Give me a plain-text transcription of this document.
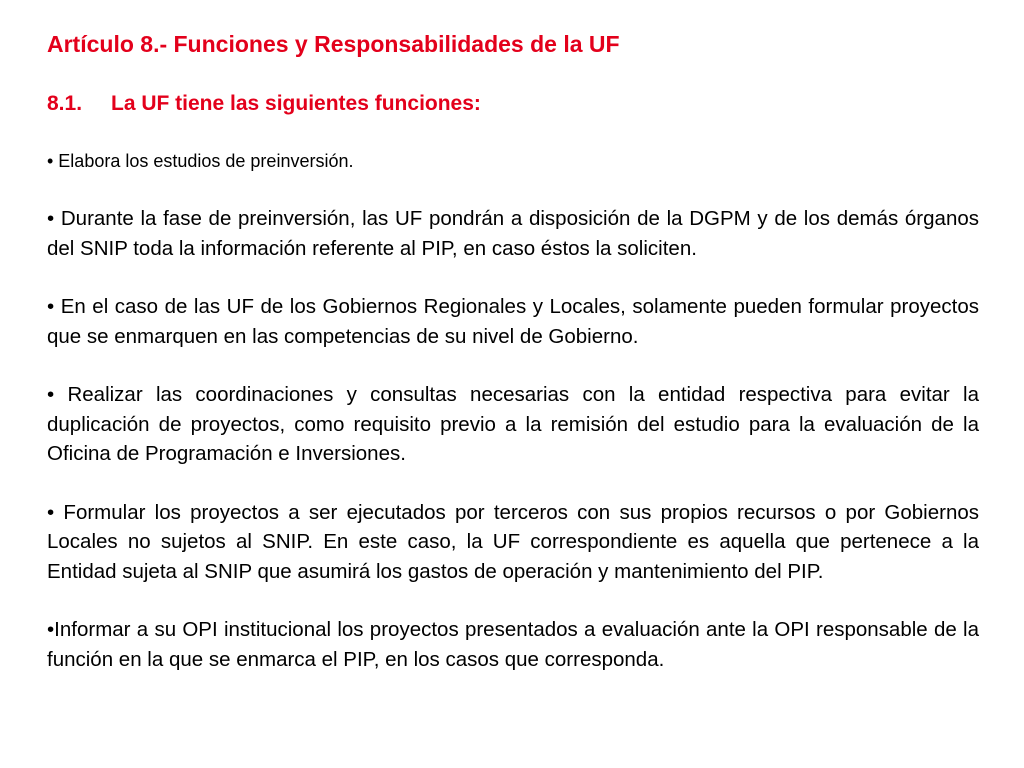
Artículo 8.- Funciones y Responsabilidades de la UF
8.1. La UF tiene las siguientes funciones:

• Elabora los estudios de preinversión.

• Durante la fase de preinversión, las UF pondrán a disposición de la DGPM y de los demás órganos del SNIP toda la información referente al PIP, en caso éstos la soliciten.

• En el caso de las UF de los Gobiernos Regionales y Locales, solamente pueden formular proyectos que se enmarquen en las competencias de su nivel de Gobierno.

• Realizar las coordinaciones y consultas necesarias con la entidad respectiva para evitar la duplicación de proyectos, como requisito previo a la remisión del estudio para la evaluación de la Oficina de Programación e Inversiones.

• Formular los proyectos a ser ejecutados por terceros con sus propios recursos o por Gobiernos Locales no sujetos al SNIP. En este caso, la UF correspondiente es aquella que pertenece a la Entidad sujeta al SNIP que asumirá los gastos de operación y mantenimiento del PIP.

•Informar a su OPI institucional los proyectos presentados a evaluación ante la OPI responsable de la función en la que se enmarca el PIP, en los casos que corresponda.
